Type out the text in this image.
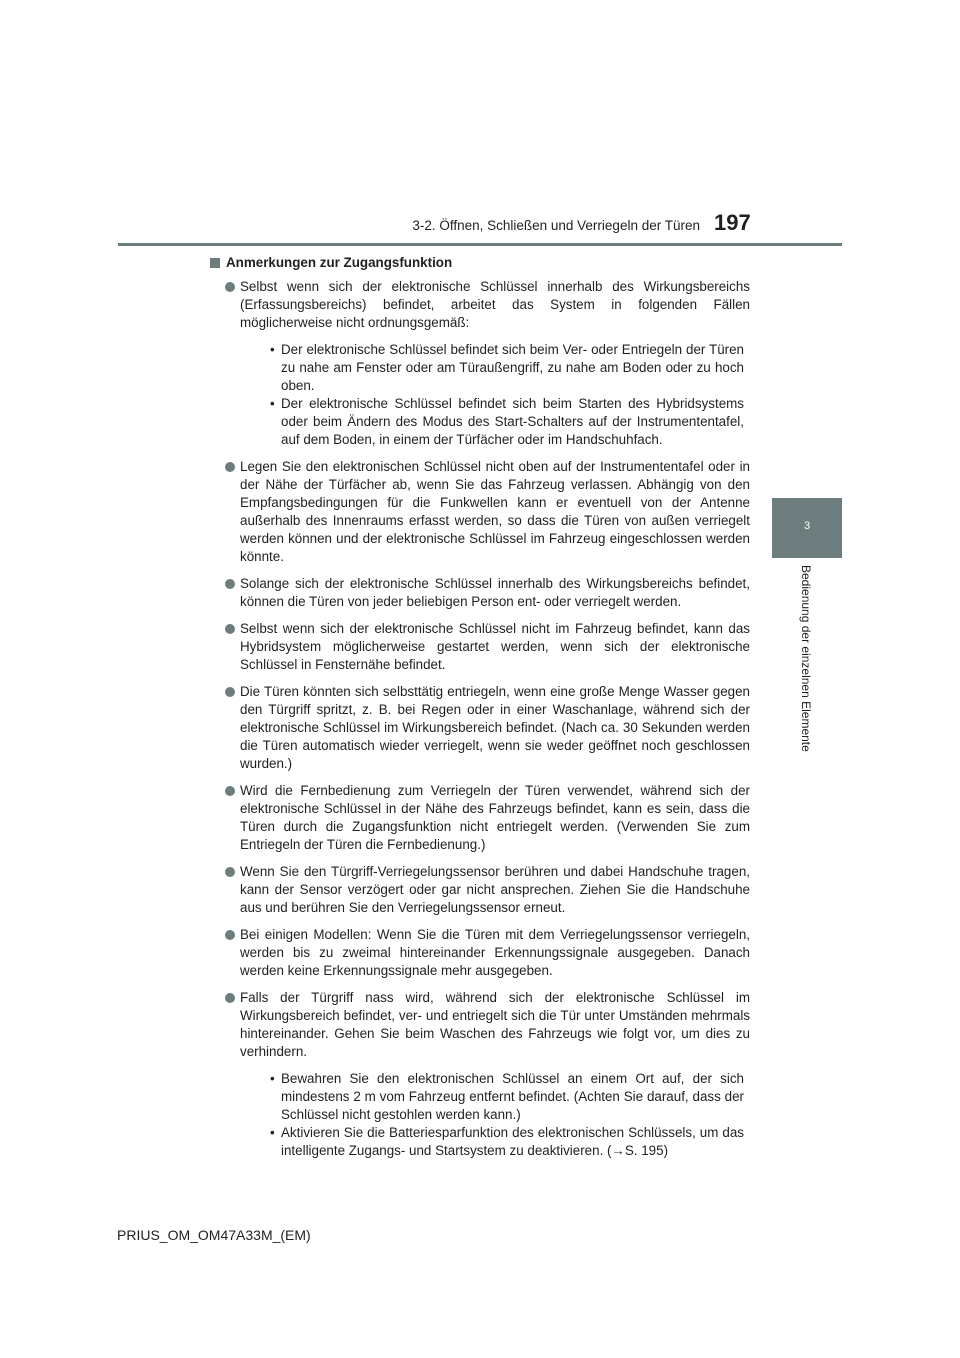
3-2. Öffnen, Schließen und Verriegeln der Türen 197
3
Bedienung der einzelnen Elemente
Anmerkungen zur Zugangsfunktion
Selbst wenn sich der elektronische Schlüssel innerhalb des Wirkungsbereichs (Erfassungsbereichs) befindet, arbeitet das System in folgenden Fällen möglicherweise nicht ordnungsgemäß:
• Der elektronische Schlüssel befindet sich beim Ver- oder Entriegeln der Türen zu nahe am Fenster oder am Türaußengriff, zu nahe am Boden oder zu hoch oben.
• Der elektronische Schlüssel befindet sich beim Starten des Hybridsystems oder beim Ändern des Modus des Start-Schalters auf der Instrumententafel, auf dem Boden, in einem der Türfächer oder im Handschuhfach.
Legen Sie den elektronischen Schlüssel nicht oben auf der Instrumententafel oder in der Nähe der Türfächer ab, wenn Sie das Fahrzeug verlassen. Abhängig von den Empfangsbedingungen für die Funkwellen kann er eventuell von der Antenne außerhalb des Innenraums erfasst werden, so dass die Türen von außen verriegelt werden können und der elektronische Schlüssel im Fahrzeug eingeschlossen werden könnte.
Solange sich der elektronische Schlüssel innerhalb des Wirkungsbereichs befindet, können die Türen von jeder beliebigen Person ent- oder verriegelt werden.
Selbst wenn sich der elektronische Schlüssel nicht im Fahrzeug befindet, kann das Hybridsystem möglicherweise gestartet werden, wenn sich der elektronische Schlüssel in Fensternähe befindet.
Die Türen könnten sich selbsttätig entriegeln, wenn eine große Menge Wasser gegen den Türgriff spritzt, z. B. bei Regen oder in einer Waschanlage, während sich der elektronische Schlüssel im Wirkungsbereich befindet. (Nach ca. 30 Sekunden werden die Türen automatisch wieder verriegelt, wenn sie weder geöffnet noch geschlossen wurden.)
Wird die Fernbedienung zum Verriegeln der Türen verwendet, während sich der elektronische Schlüssel in der Nähe des Fahrzeugs befindet, kann es sein, dass die Türen durch die Zugangsfunktion nicht entriegelt werden. (Verwenden Sie zum Entriegeln der Türen die Fernbedienung.)
Wenn Sie den Türgriff-Verriegelungssensor berühren und dabei Handschuhe tragen, kann der Sensor verzögert oder gar nicht ansprechen. Ziehen Sie die Handschuhe aus und berühren Sie den Verriegelungssensor erneut.
Bei einigen Modellen: Wenn Sie die Türen mit dem Verriegelungssensor verriegeln, werden bis zu zweimal hintereinander Erkennungssignale ausgegeben. Danach werden keine Erkennungssignale mehr ausgegeben.
Falls der Türgriff nass wird, während sich der elektronische Schlüssel im Wirkungsbereich befindet, ver- und entriegelt sich die Tür unter Umständen mehrmals hintereinander. Gehen Sie beim Waschen des Fahrzeugs wie folgt vor, um dies zu verhindern.
• Bewahren Sie den elektronischen Schlüssel an einem Ort auf, der sich mindestens 2 m vom Fahrzeug entfernt befindet. (Achten Sie darauf, dass der Schlüssel nicht gestohlen werden kann.)
• Aktivieren Sie die Batteriesparfunktion des elektronischen Schlüssels, um das intelligente Zugangs- und Startsystem zu deaktivieren. (→S. 195)
PRIUS_OM_OM47A33M_(EM)
